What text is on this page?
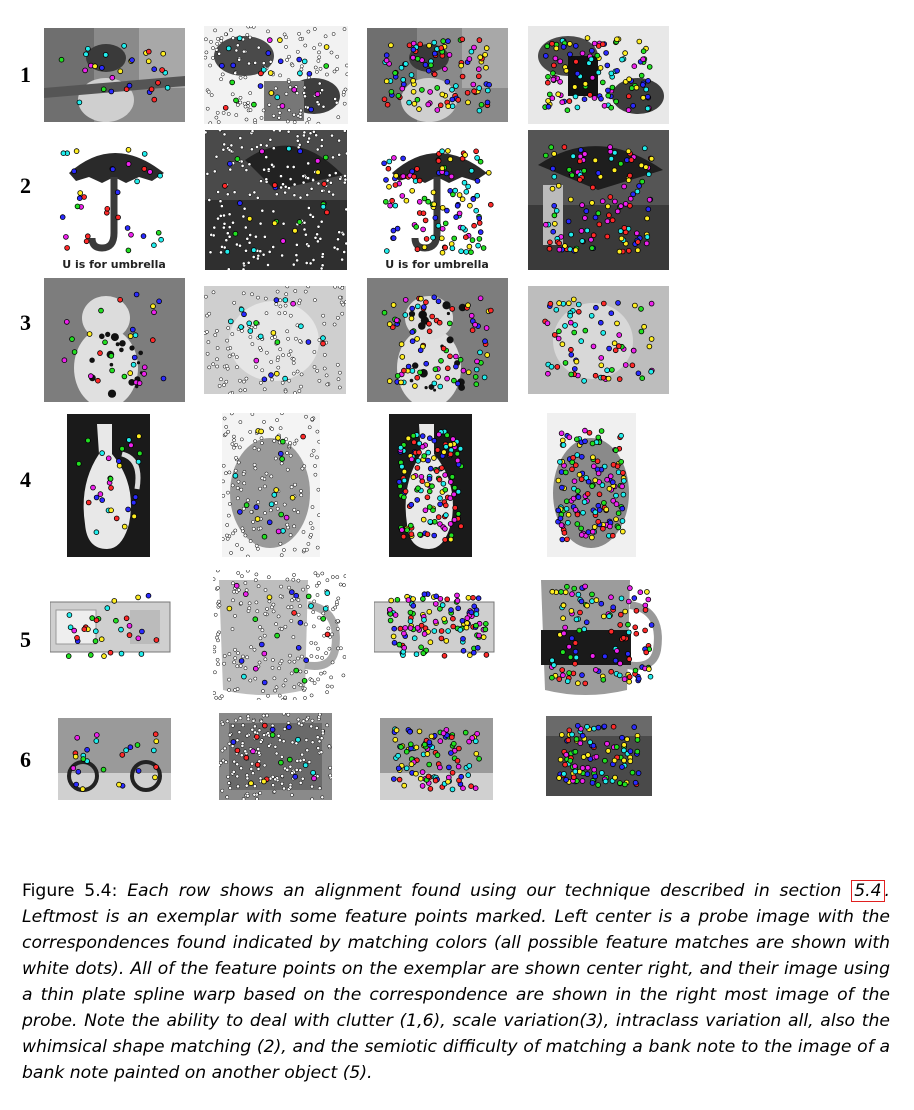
1
2
3
4
5
6
U is for umbrella	U is for umbrella
Figure 5.4: Each row shows an alignment found using our technique described in section 5.4 . Leftmost is an exemplar with some feature points marked. Left center is a probe image with the correspondences found indicated by matching colors (all possible feature matches are shown with white dots). All of the feature points on the exemplar are shown center right, and their image using a thin plate spline warp based on the correspondence are shown in the right most image of the probe. Note the ability to deal with clutter (1,6), scale variation(3), intraclass variation all, also the whimsical shape matching (2), and the semiotic difficulty of matching a bank note to the image of a bank note painted on another object (5).
